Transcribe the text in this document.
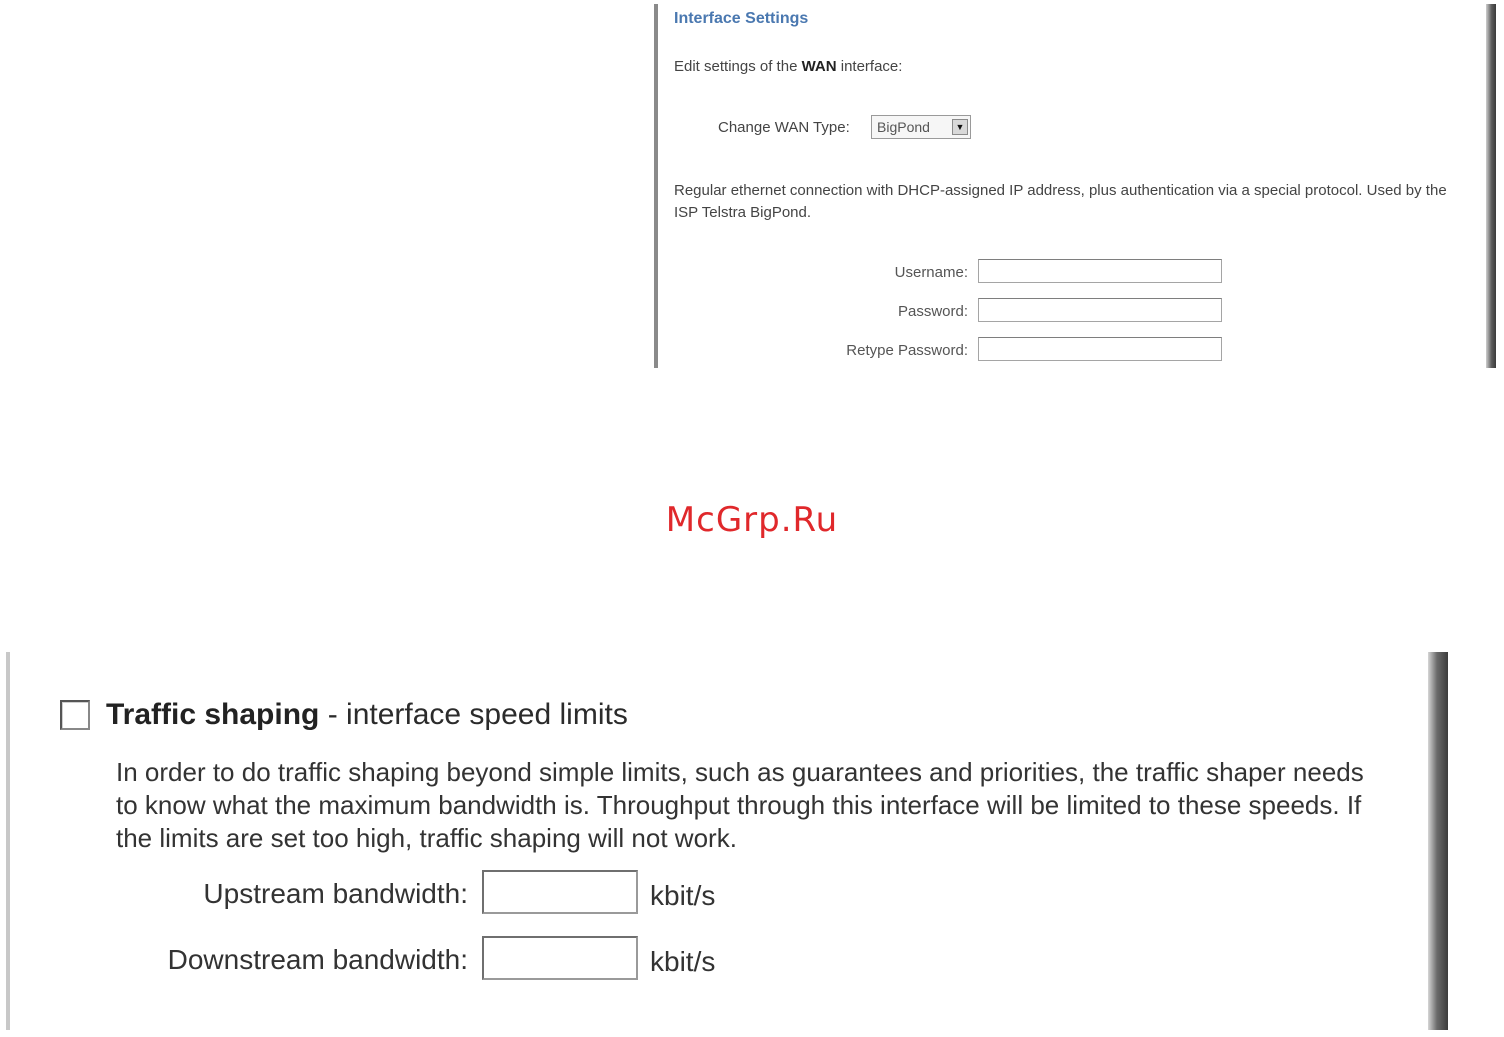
Interface Settings
Edit settings of the WAN interface:
Change WAN Type: BigPond	▼
Regular ethernet connection with DHCP-assigned IP address, plus authentication via a special protocol. Used by the ISP Telstra BigPond.
Username:
Password:
Retype Password:
McGrp.Ru
Traffic shaping - interface speed limits
In order to do traffic shaping beyond simple limits, such as guarantees and priorities, the traffic shaper needs to know what the maximum bandwidth is. Throughput through this interface will be limited to these speeds. If the limits are set too high, traffic shaping will not work.
Upstream bandwidth:	kbit/s
Downstream bandwidth:	kbit/s
